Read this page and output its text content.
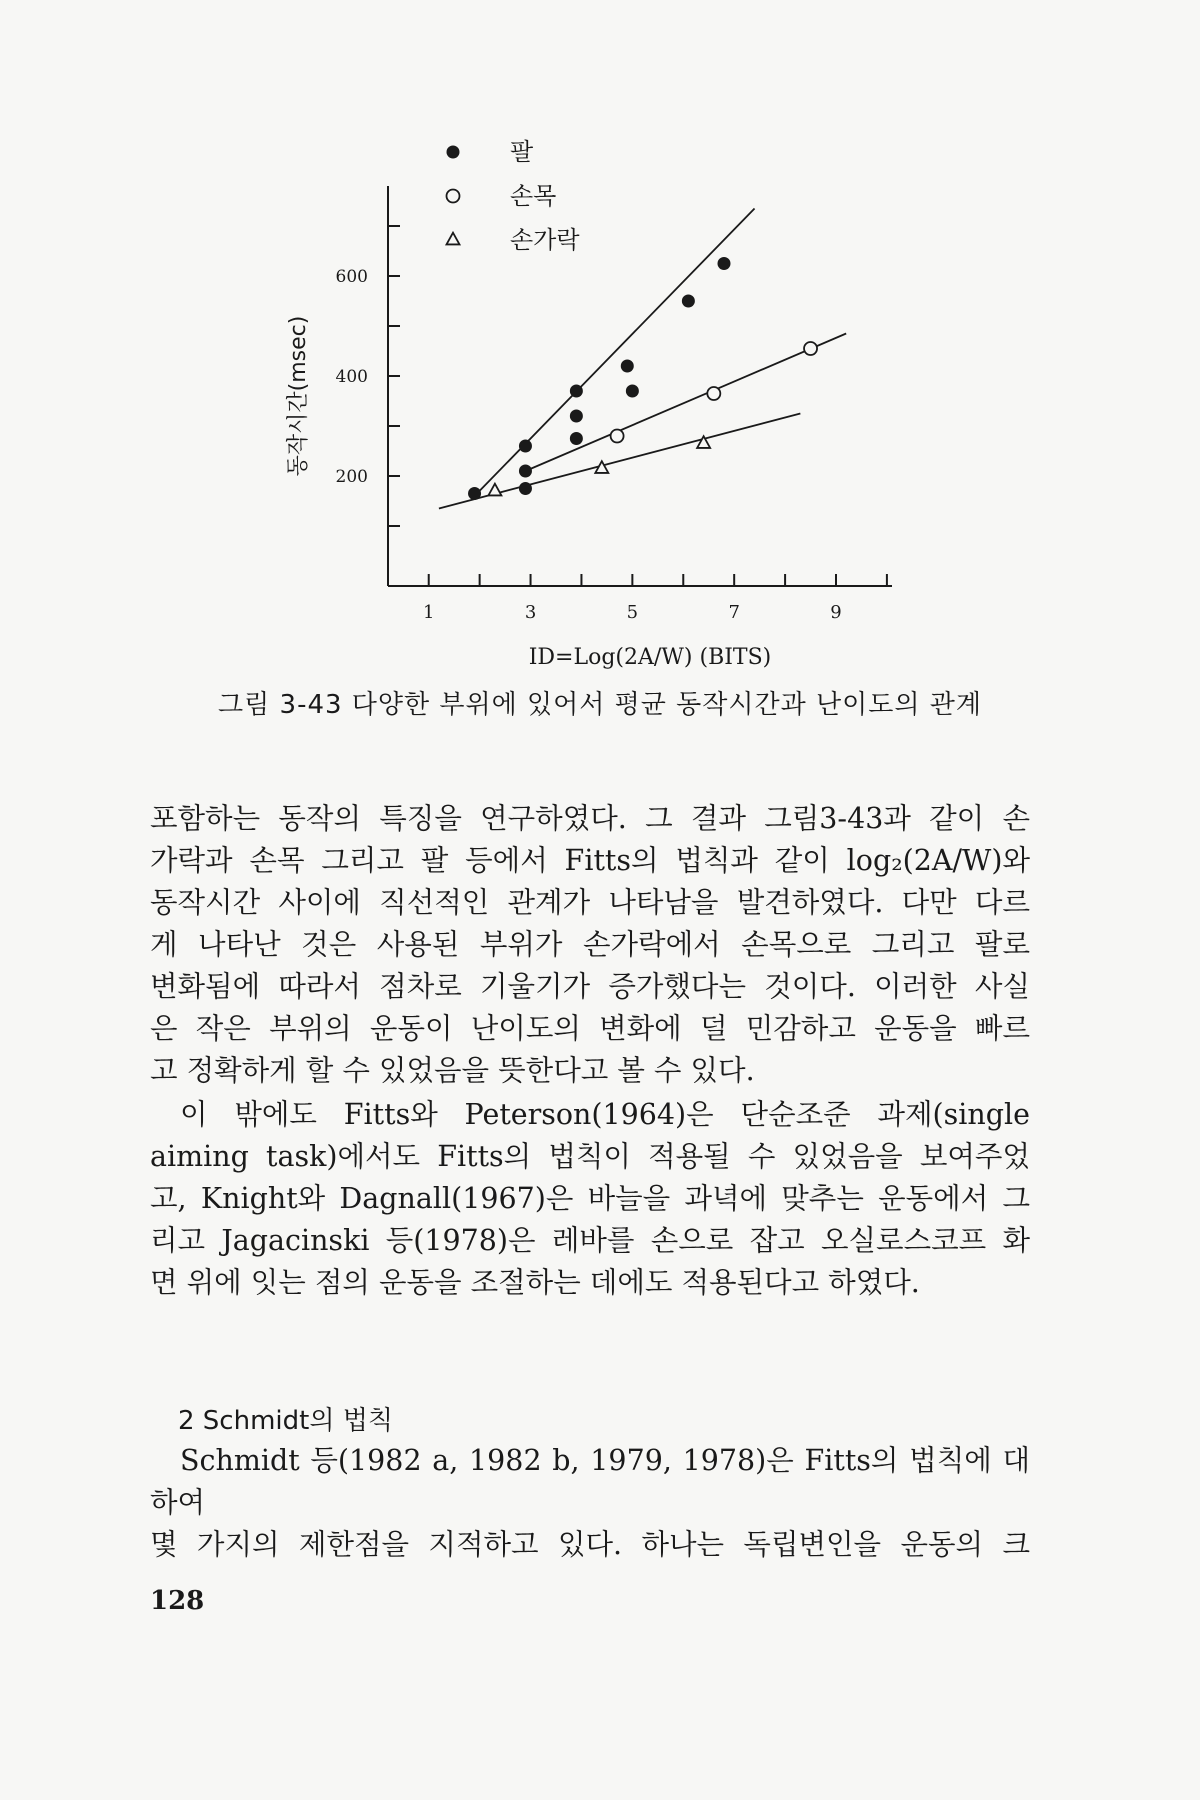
1	3	5	7	9
200
400
600
ID=Log(2A/W) (BITS)
동작시간(msec)
팔
손목
손가락
그림 3-43 다양한 부위에 있어서 평균 동작시간과 난이도의 관계

포함하는 동작의 특징을 연구하였다. 그 결과 그림3-43과 같이 손

가락과 손목 그리고 팔 등에서 Fitts의 법칙과 같이 log₂(2A/W)와

동작시간 사이에 직선적인 관계가 나타남을 발견하였다. 다만 다르

게 나타난 것은 사용된 부위가 손가락에서 손목으로 그리고 팔로

변화됨에 따라서 점차로 기울기가 증가했다는 것이다. 이러한 사실

은 작은 부위의 운동이 난이도의 변화에 덜 민감하고 운동을 빠르

고 정확하게 할 수 있었음을 뜻한다고 볼 수 있다.

이 밖에도 Fitts와 Peterson(1964)은 단순조준 과제(single

aiming task)에서도 Fitts의 법칙이 적용될 수 있었음을 보여주었

고, Knight와 Dagnall(1967)은 바늘을 과녁에 맞추는 운동에서 그

리고 Jagacinski 등(1978)은 레바를 손으로 잡고 오실로스코프 화

면 위에 잇는 점의 운동을 조절하는 데에도 적용된다고 하였다.

2 Schmidt의 법칙

Schmidt 등(1982 a, 1982 b, 1979, 1978)은 Fitts의 법칙에 대하여

몇 가지의 제한점을 지적하고 있다. 하나는 독립변인을 운동의 크

128
